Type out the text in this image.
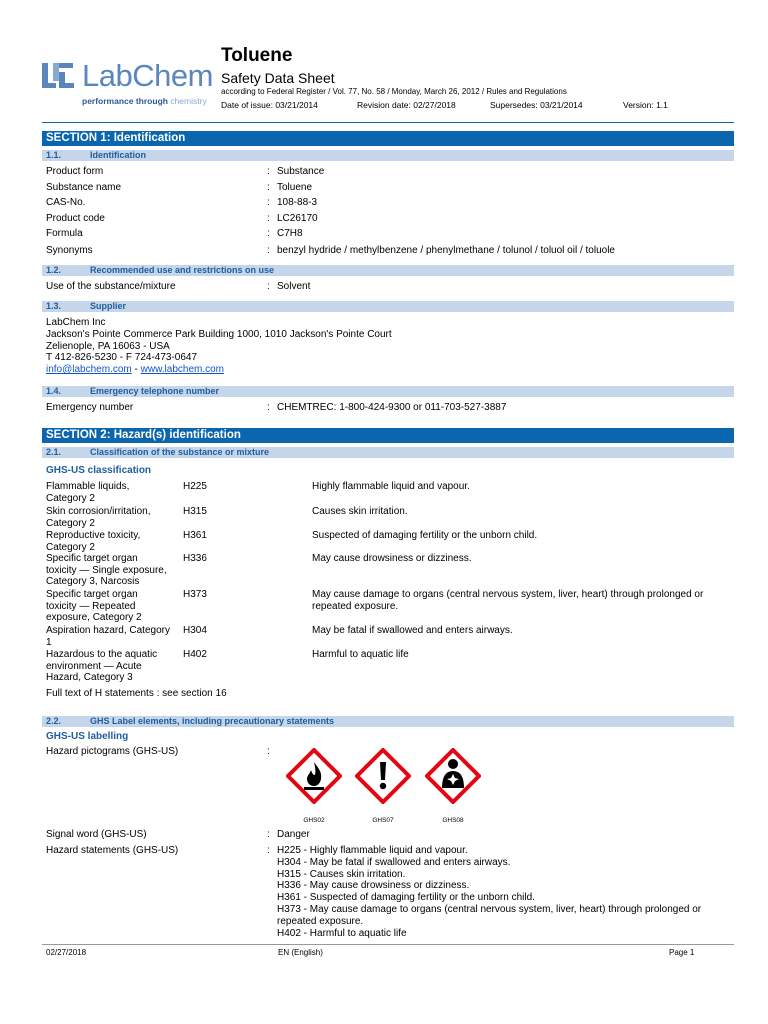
LabChem
performance through chemistry
Toluene
Safety Data Sheet
according to Federal Register / Vol. 77, No. 58 / Monday, March 26, 2012 / Rules and Regulations
Date of issue: 03/21/2014	Revision date: 02/27/2018	Supersedes: 03/21/2014	Version: 1.1
SECTION 1: Identification
1.1.	Identification
Product form	: Substance
Substance name	: Toluene
CAS-No.	: 108-88-3
Product code	: LC26170
Formula	: C7H8
Synonyms	: benzyl hydride / methylbenzene / phenylmethane / tolunol / toluol oil / toluole
1.2.	Recommended use and restrictions on use
Use of the substance/mixture	: Solvent
1.3.	Supplier
LabChem Inc
Jackson's Pointe Commerce Park Building 1000, 1010 Jackson's Pointe Court
Zelienople, PA 16063 - USA
T 412-826-5230 - F 724-473-0647
info@labchem.com - www.labchem.com
1.4.	Emergency telephone number
Emergency number	: CHEMTREC: 1-800-424-9300 or 011-703-527-3887
SECTION 2: Hazard(s) identification
2.1.	Classification of the substance or mixture
GHS-US classification
Flammable liquids, Category 2
H225	Highly flammable liquid and vapour.
Skin corrosion/irritation, Category 2
H315	Causes skin irritation.
Reproductive toxicity, Category 2
H361	Suspected of damaging fertility or the unborn child.
Specific target organ toxicity — Single exposure, Category 3, Narcosis
H336	May cause drowsiness or dizziness.
Specific target organ toxicity — Repeated exposure, Category 2
H373	May cause damage to organs (central nervous system, liver, heart) through prolonged or repeated exposure.
Aspiration hazard, Category 1
H304	May be fatal if swallowed and enters airways.
Hazardous to the aquatic environment — Acute Hazard, Category 3
H402	Harmful to aquatic life
Full text of H statements : see section 16
2.2.	GHS Label elements, including precautionary statements
GHS-US labelling
Hazard pictograms (GHS-US)	:
GHS02	GHS07	GHS08
Signal word (GHS-US)	: Danger
Hazard statements (GHS-US)	: H225 - Highly flammable liquid and vapour.
H304 - May be fatal if swallowed and enters airways.
H315 - Causes skin irritation.
H336 - May cause drowsiness or dizziness.
H361 - Suspected of damaging fertility or the unborn child.
H373 - May cause damage to organs (central nervous system, liver, heart) through prolonged or repeated exposure.
H402 - Harmful to aquatic life
02/27/2018	EN (English)	Page 1
